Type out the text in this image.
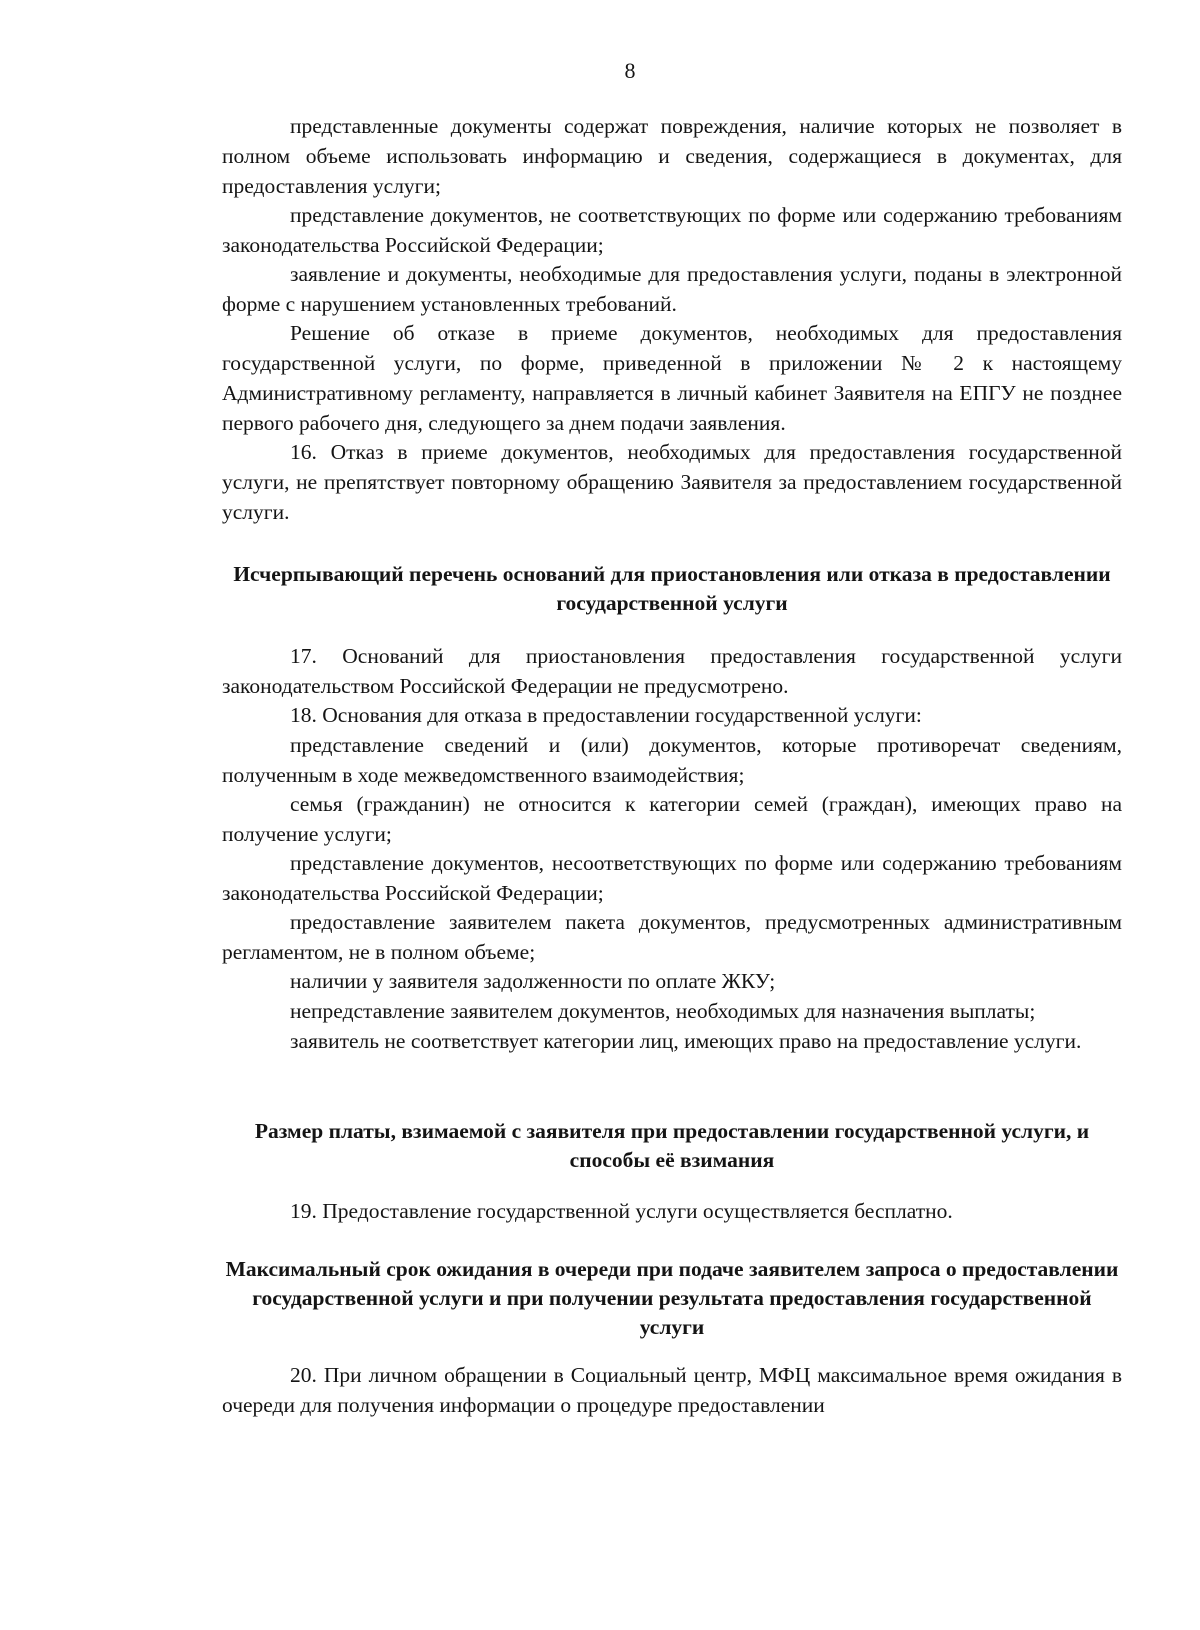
8

представленные документы содержат повреждения, наличие которых не позволяет в полном объеме использовать информацию и сведения, содержащиеся в документах, для предоставления услуги;

представление документов, не соответствующих по форме или содержанию требованиям законодательства Российской Федерации;

заявление и документы, необходимые для предоставления услуги, поданы в электронной форме с нарушением установленных требований.

Решение об отказе в приеме документов, необходимых для предоставления государственной услуги, по форме, приведенной в приложении № 2 к настоящему Административному регламенту, направляется в личный кабинет Заявителя на ЕПГУ не позднее первого рабочего дня, следующего за днем подачи заявления.

16. Отказ в приеме документов, необходимых для предоставления государственной услуги, не препятствует повторному обращению Заявителя за предоставлением государственной услуги.

Исчерпывающий перечень оснований для приостановления или отказа в предоставлении государственной услуги

17. Оснований для приостановления предоставления государственной услуги законодательством Российской Федерации не предусмотрено.

18. Основания для отказа в предоставлении государственной услуги:

представление сведений и (или) документов, которые противоречат сведениям, полученным в ходе межведомственного взаимодействия;

семья (гражданин) не относится к категории семей (граждан), имеющих право на получение услуги;

представление документов, несоответствующих по форме или содержанию требованиям законодательства Российской Федерации;

предоставление заявителем пакета документов, предусмотренных административным регламентом, не в полном объеме;

наличии у заявителя задолженности по оплате ЖКУ;

непредставление заявителем документов, необходимых для назначения выплаты;

заявитель не соответствует категории лиц, имеющих право на предоставление услуги.

Размер платы, взимаемой с заявителя при предоставлении государственной услуги, и способы её взимания

19. Предоставление государственной услуги осуществляется бесплатно.

Максимальный срок ожидания в очереди при подаче заявителем запроса о предоставлении государственной услуги и при получении результата предоставления государственной услуги

20. При личном обращении в Социальный центр, МФЦ максимальное время ожидания в очереди для получения информации о процедуре предоставлении
